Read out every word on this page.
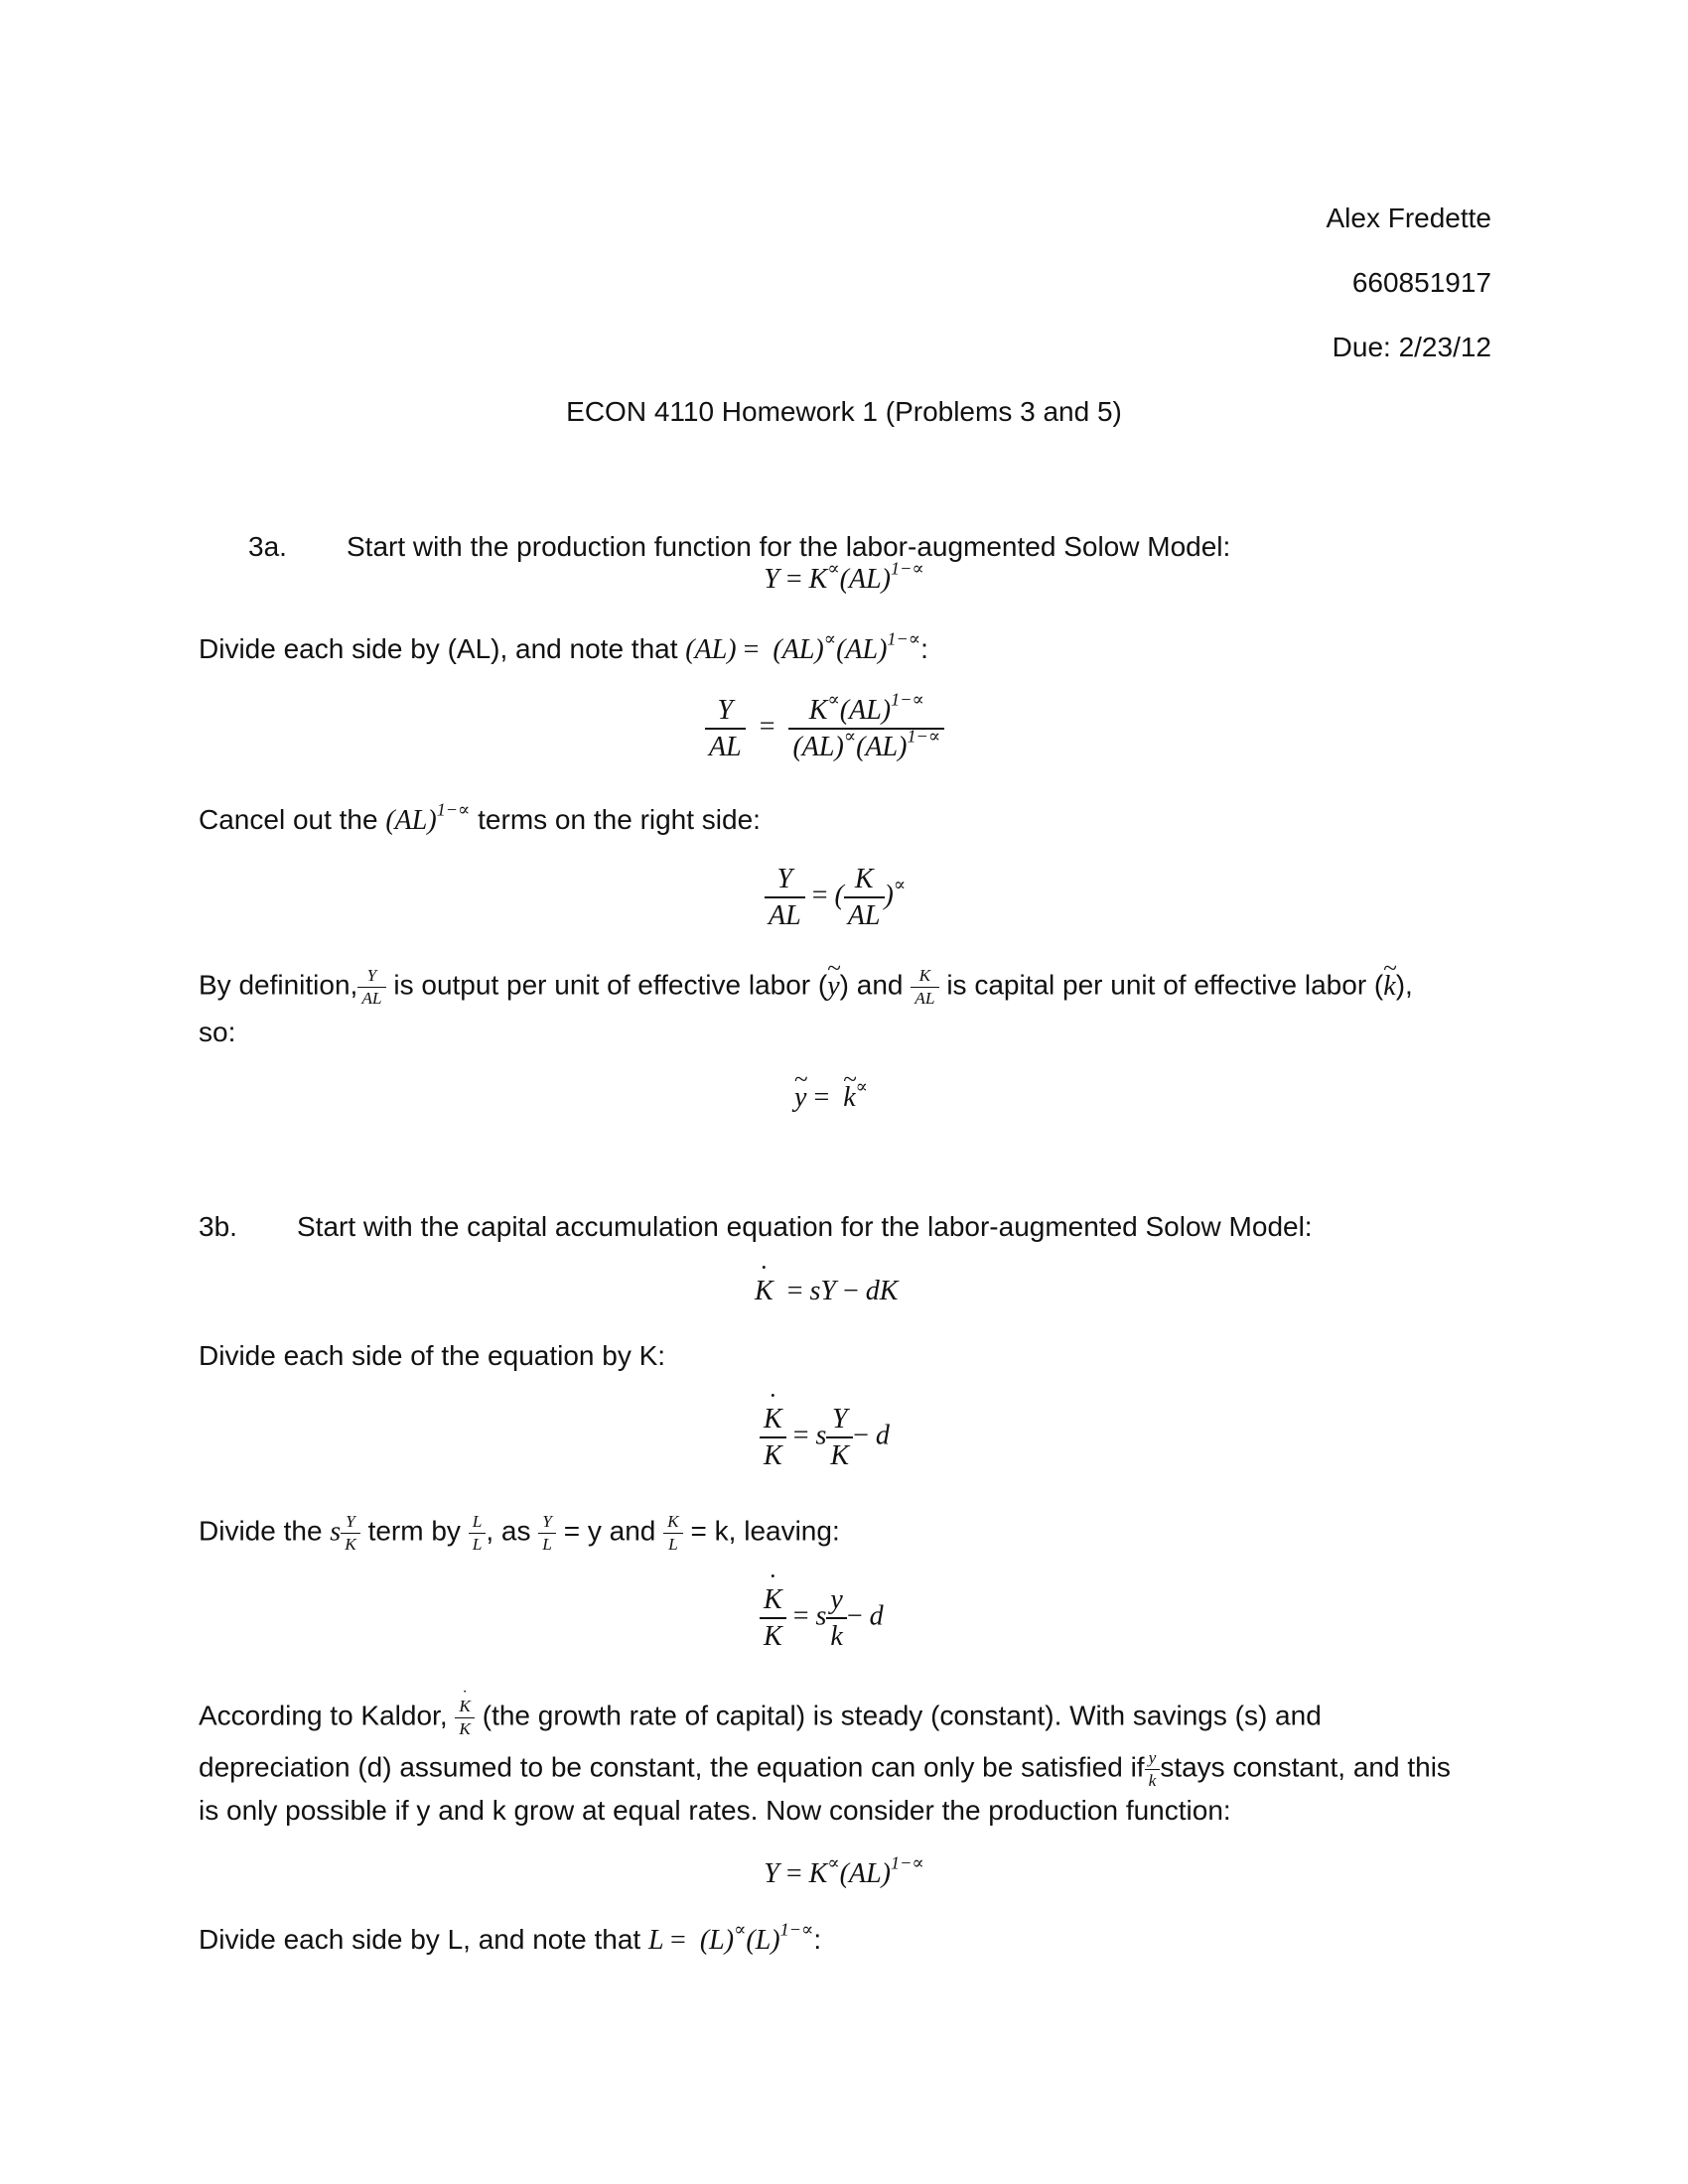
Alex Fredette
660851917
Due: 2/23/12
ECON 4110 Homework 1 (Problems 3 and 5)
3a. Start with the production function for the labor-augmented Solow Model:
Y = K∝(AL)$^{1-\propto}$
Divide each side by (AL), and note that (AL) =  (AL)∝(AL)$^{1-\propto}$:
$\frac{Y}{AL} = \frac{K^\propto(AL)^{1-\propto}}{(AL)^\propto(AL)^{1-\propto}}$
Cancel out the (AL)$^{1-\propto}$ terms on the right side:
$\frac{Y}{AL}$ = ( $\frac{K}{AL} )^\propto$
By definition, $\frac{Y}{AL}$ is output per unit of effective labor (~ y) and $\frac{K}{AL}$ is capital per unit of effective labor (~ k),
so:
~ y = ~ k∝
3b. Start with the capital accumulation equation for the labor-augmented Solow Model:
˙ K = sY − dK
Divide each side of the equation by K:
˙ $\frac{K}{K} = s \frac{Y}{K} - d$
Divide the s $\frac{Y}{K}$ term by $\frac{L}{L}$ , as $\frac{Y}{L} = y$ and $\frac{K}{L} = k$, leaving:
˙ $\frac{K}{K} = s \frac{y}{k} - d$
According to Kaldor, ˙ $\frac{K}{K} (the$ growth rate of capital) is steady (constant). With savings (s) and
depreciation (d) assumed to be constant, the equation can only be satisfied if $\frac{y}{k}$ stays constant, and this
is only possible if y and k grow at equal rates. Now consider the production function:
Y = K∝(AL)$^{1-\propto}$
Divide each side by L, and note that $L = (L)^\propto(L)^{1-\propto}$:
